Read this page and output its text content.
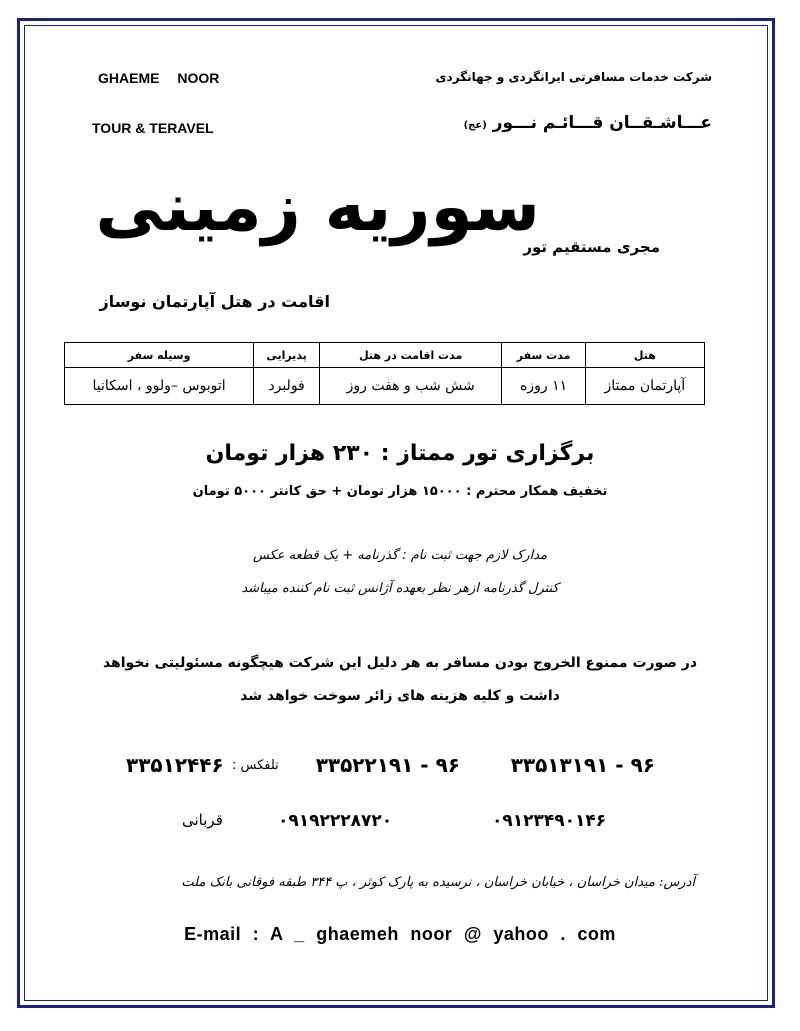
GHAEME NOOR
TOUR & TERAVEL
شرکت خدمات مسافرتی ایرانگردی و جهانگردی
عـــاشـقــان قـــائـم نـــور (عج)
سوریه زمینی
مجری مستقیم تور
اقامت در هتل آپارتمان نوساز
هتل	مدت سفر	مدت اقامت در هتل	پذیرایی	وسیله سفر
آپارتمان ممتاز	۱۱ روزه	شش شب و هفت روز	فولبرد	اتوبوس –ولوو ، اسکانیا
برگزاری تور ممتاز : ۲۳۰ هزار تومان
تخفیف همکار محترم : ۱۵۰۰۰ هزار تومان + حق کانتر ۵۰۰۰ تومان
مدارک لازم جهت ثبت نام : گذرنامه + یک قطعه عکس
کنترل گذرنامه ازهر نظر بعهده آژانس ثبت نام کننده میباشد
در صورت ممنوع الخروج بودن مسافر به هر دلیل این شرکت هیچگونه مسئولیتی نخواهد
داشت و کلیه هزینه های زائر سوخت خواهد شد
۹۶ - ۳۳۵۱۳۱۹۱
۹۶ - ۳۳۵۲۲۱۹۱
تلفکس :
۳۳۵۱۲۴۴۶
۰۹۱۲۳۴۹۰۱۴۶
۰۹۱۹۲۲۲۸۷۲۰
قربانی
آدرس: میدان خراسان ، خیابان خراسان ، نرسیده به پارک کوثر ، پ ۳۴۴ طبقه فوقانی بانک ملت
E-mail : A _ ghaemeh noor @ yahoo . com
